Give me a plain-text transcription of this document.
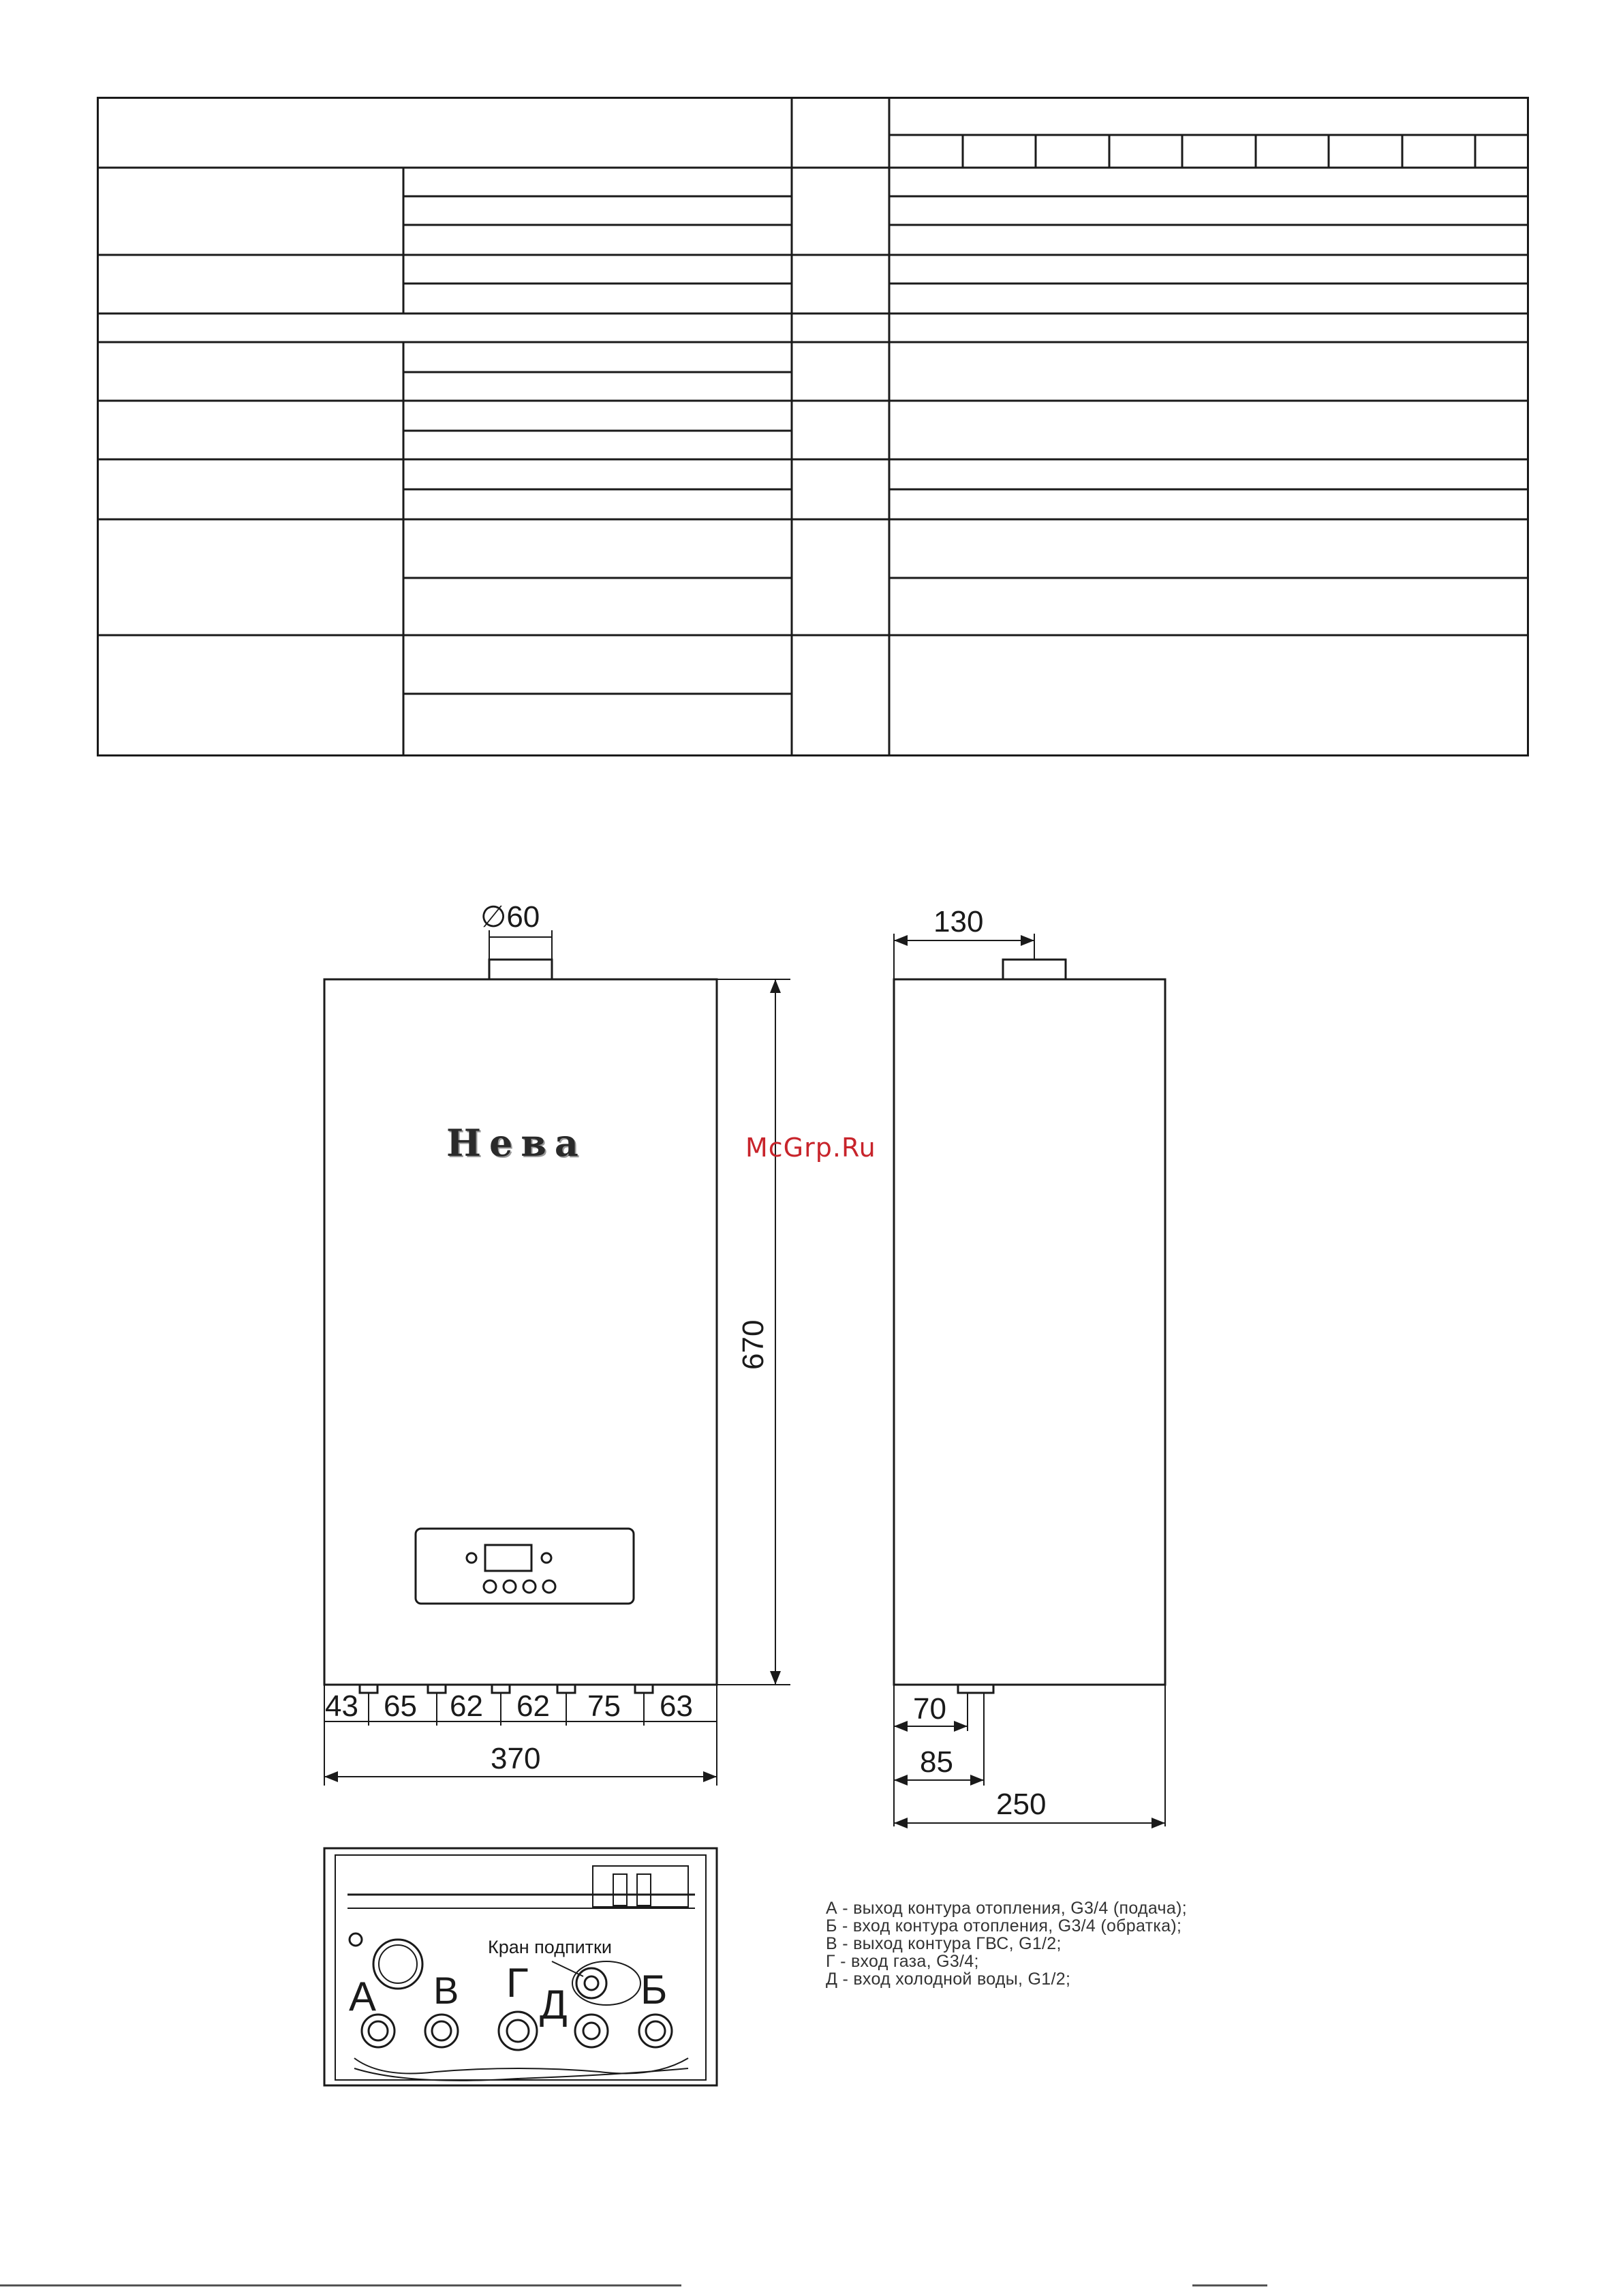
∅60
670
43 65 62 62 75 63
370
130
70
85
250
А В Г Д Б
Нева	McGrp.Ru
Кран подпитки
А - выход контура отопления, G3/4 (подача);
Б - вход контура отопления, G3/4 (обратка);
В - выход контура ГВС, G1/2;
Г - вход газа, G3/4;
Д - вход холодной воды, G1/2;
